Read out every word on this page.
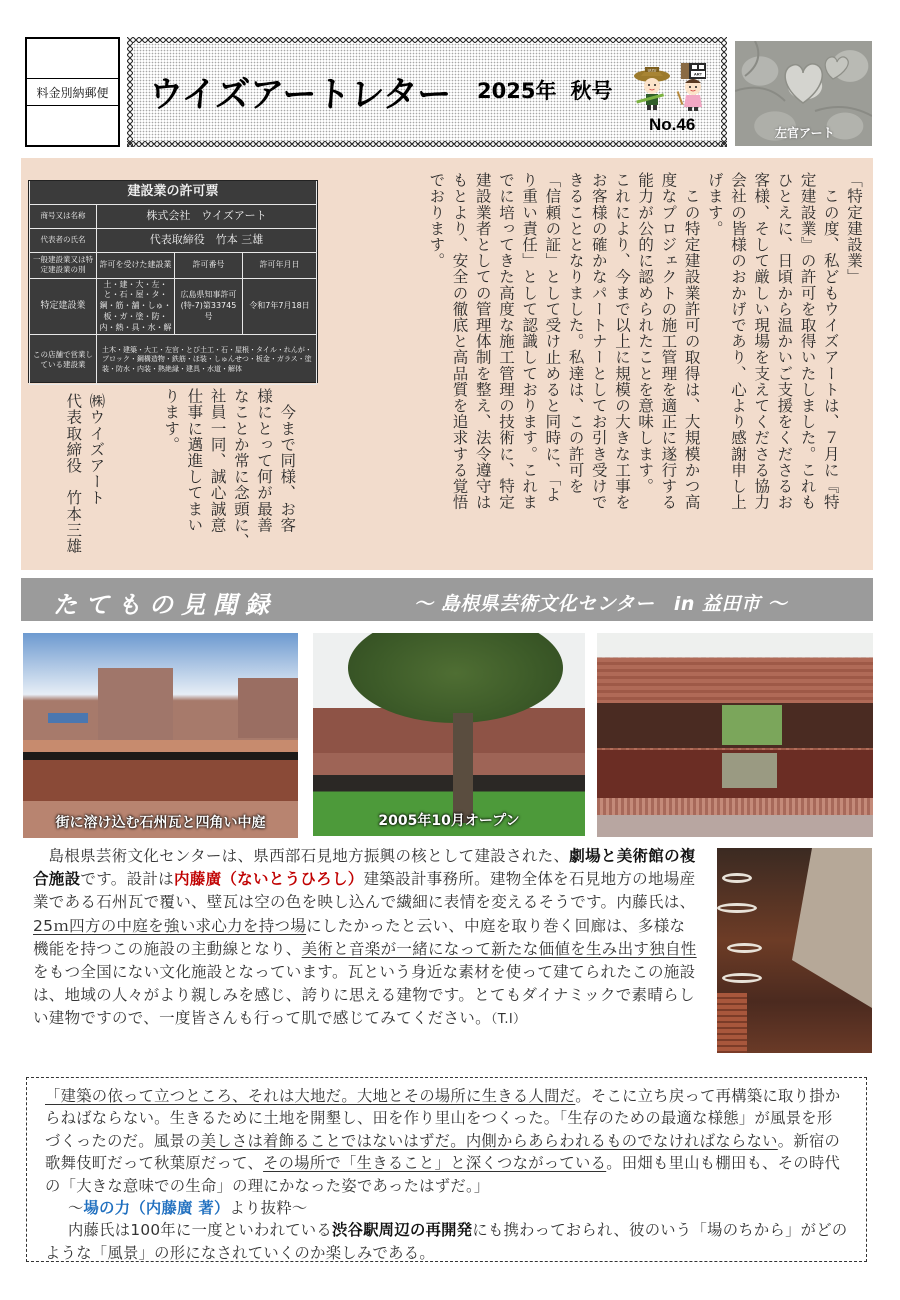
料金別納郵便 ウイズアートレター 2025年 秋号
UIZU
ART
No.46	左官アート
建設業の許可票			
商号又は名称	株式会社　ウイズアート		
代表者の氏名	代表取締役　竹本 三雄		
一般建設業又は特定建設業の別	許可を受けた建設業	許可番号	許可年月日
特定建設業	土・建・大・左・と・石・屋・タ・鋼・筋・舗・しゅ・板・ガ・塗・防・内・熱・具・水・解	広島県知事許可(特-7)第33745号	令和7年7月18日
この店舗で営業している建設業	土木・建築・大工・左官・とび土工・石・屋根・タイル・れんが・ブロック・鋼構造物・鉄筋・ほ装・しゅんせつ・板金・ガラス・塗装・防水・内装・熱絶縁・建具・水道・解体		
「特定建設業」
　この度、私どもウイズアートは、７月に『特
定建設業』の許可を取得いたしました。これも
ひとえに、日頃から温かいご支援をくださるお
客様、そして厳しい現場を支えてくださる協力
会社の皆様のおかげであり、心より感謝申し上
げます。
　この特定建設業許可の取得は、大規模かつ高
度なプロジェクトの施工管理を適正に遂行する
能力が公的に認められたことを意味します。
これにより、今まで以上に規模の大きな工事を
お客様の確かなパートナーとしてお引き受けで
きることとなりました。私達は、この許可を
「信頼の証」として受け止めると同時に、「よ
り重い責任」として認識しております。これま
でに培ってきた高度な施工管理の技術に、特定
建設業者としての管理体制を整え、法令遵守は
もとより、安全の徹底と高品質を追求する覚悟
でおります。
　今まで同様、お客
様にとって何が最善
なことか常に念頭に、
社員一同、誠心誠意
仕事に邁進してまい
ります。
㈱ウイズアート
代表取締役　竹本三雄
たてもの見聞録	～ 島根県芸術文化センター　in 益田市 ～
街に溶け込む石州瓦と四角い中庭	2005年10月オープン

島根県芸術文化センターは、県西部石見地方振興の核として建設された、劇場と美術館の複合施設です。設計は内藤廣（ないとうひろし）建築設計事務所。建物全体を石見地方の地場産業である石州瓦で覆い、壁瓦は空の色を映し込んで繊細に表情を変えるそうです。内藤氏は、25ｍ四方の中庭を強い求心力を持つ場にしたかったと云い、中庭を取り巻く回廊は、多様な機能を持つこの施設の主動線となり、美術と音楽が一緒になって新たな価値を生み出す独自性をもつ全国にない文化施設となっています。瓦という身近な素材を使って建てられたこの施設は、地域の人々がより親しみを感じ、誇りに思える建物です。とてもダイナミックで素晴らしい建物ですので、一度皆さんも行って肌で感じてみてください。（T.I）

「建築の依って立つところ、それは大地だ。大地とその場所に生きる人間だ。そこに立ち戻って再構築に取り掛からねばならない。生きるために土地を開墾し、田を作り里山をつくった。「生存のための最適な様態」が風景を形づくったのだ。風景の美しさは着飾ることではないはずだ。内側からあらわれるものでなければならない。新宿の歌舞伎町だって秋葉原だって、その場所で「生きること」と深くつながっている。田畑も里山も棚田も、その時代の「大きな意味での生命」の理にかなった姿であったはずだ。」
～場の力（内藤廣 著）より抜粋～
内藤氏は100年に一度といわれている渋谷駅周辺の再開発にも携わっておられ、彼のいう「場のちから」がどのような「風景」の形になされていくのか楽しみである。
